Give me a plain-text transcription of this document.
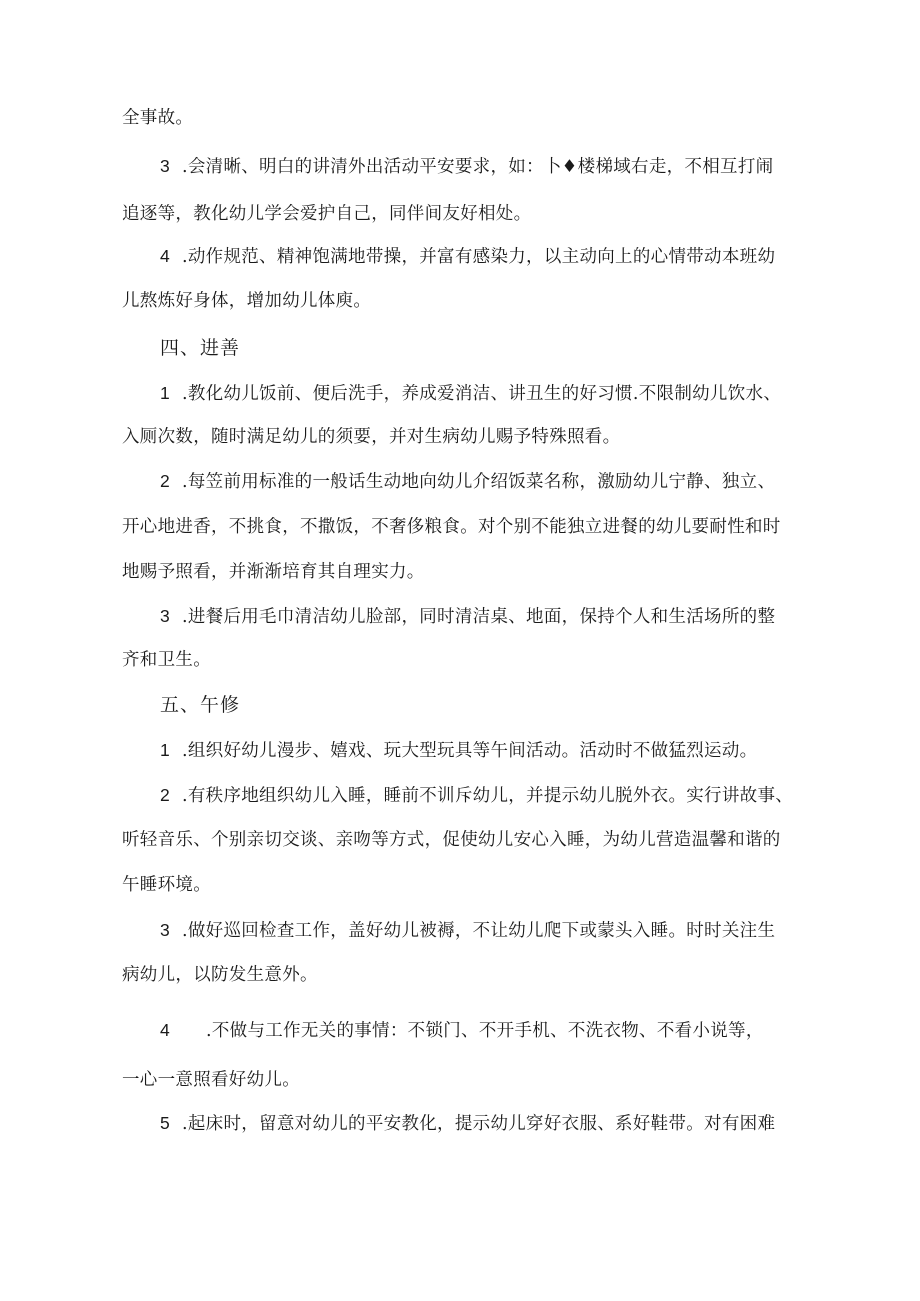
全事故。
3 .会清晰、明白的讲清外出活动平安要求，如：卜♦楼梯域右走，不相互打闹
追逐等，教化幼儿学会爱护自己，同伴间友好相处。
4 .动作规范、精神饱满地带操，并富有感染力，以主动向上的心情带动本班幼
儿熬炼好身体，增加幼儿体庾。
四、进善
1 .教化幼儿饭前、便后洗手，养成爱消洁、讲丑生的好习惯.不限制幼儿饮水、
入厕次数，随时满足幼儿的须要，并对生病幼儿赐予特殊照看。
2 .每笠前用标准的一般话生动地向幼儿介绍饭菜名称，激励幼儿宁静、独立、
开心地进香，不挑食，不撒饭，不奢侈粮食。对个别不能独立进餐的幼儿要耐性和时
地赐予照看，并渐渐培育其自理实力。
3 .进餐后用毛巾清洁幼儿脸部，同时清洁桌、地面，保持个人和生活场所的整
齐和卫生。
五、午修
1 .组织好幼儿漫步、嬉戏、玩大型玩具等午间活动。活动时不做猛烈运动。
2 .有秩序地组织幼儿入睡，睡前不训斥幼儿，并提示幼儿脱外衣。实行讲故事、
听轻音乐、个别亲切交谈、亲吻等方式，促使幼儿安心入睡，为幼儿营造温馨和谐的
午睡环境。
3 .做好巡回检查工作，盖好幼儿被褥，不让幼儿爬下或蒙头入睡。时时关注生
病幼儿，以防发生意外。
4 .不做与工作无关的事情：不锁门、不开手机、不洗衣物、不看小说等，
一心一意照看好幼儿。
5 .起床时，留意对幼儿的平安教化，提示幼儿穿好衣服、系好鞋带。对有困难
